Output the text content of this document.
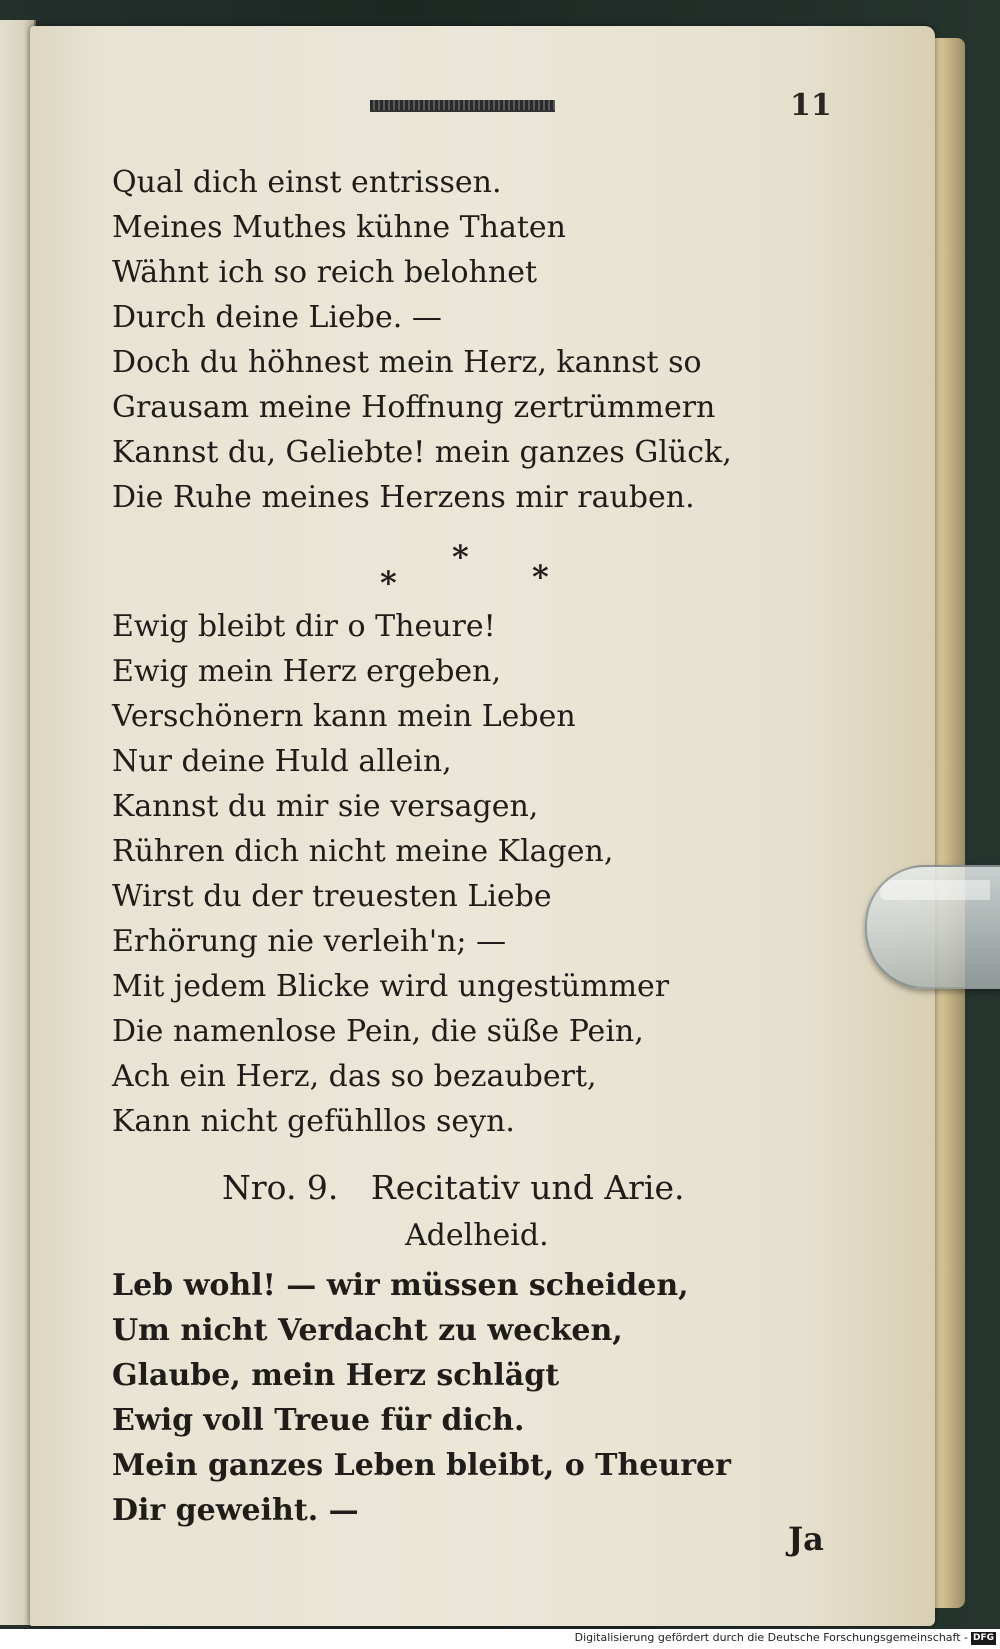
11
Qual dich einst entrissen.
Meines Muthes kühne Thaten
Wähnt ich so reich belohnet
Durch deine Liebe. —
Doch du höhnest mein Herz, kannst so
Grausam meine Hoffnung zertrümmern
Kannst du, Geliebte! mein ganzes Glück,
Die Ruhe meines Herzens mir rauben.
*
*	*
Ewig bleibt dir o Theure!
Ewig mein Herz ergeben,
Verschönern kann mein Leben
Nur deine Huld allein,
Kannst du mir sie versagen,
Rühren dich nicht meine Klagen,
Wirst du der treuesten Liebe
Erhörung nie verleih'n; —
Mit jedem Blicke wird ungestümmer
Die namenlose Pein, die süße Pein,
Ach ein Herz, das so bezaubert,
Kann nicht gefühllos seyn.
Nro. 9. Recitativ und Arie.
Adelheid.
Leb wohl! — wir müssen scheiden,
Um nicht Verdacht zu wecken,
Glaube, mein Herz schlägt
Ewig voll Treue für dich.
Mein ganzes Leben bleibt, o Theurer
Dir geweiht. —
Ja
Digitalisierung gefördert durch die Deutsche Forschungsgemeinschaft - DFG
